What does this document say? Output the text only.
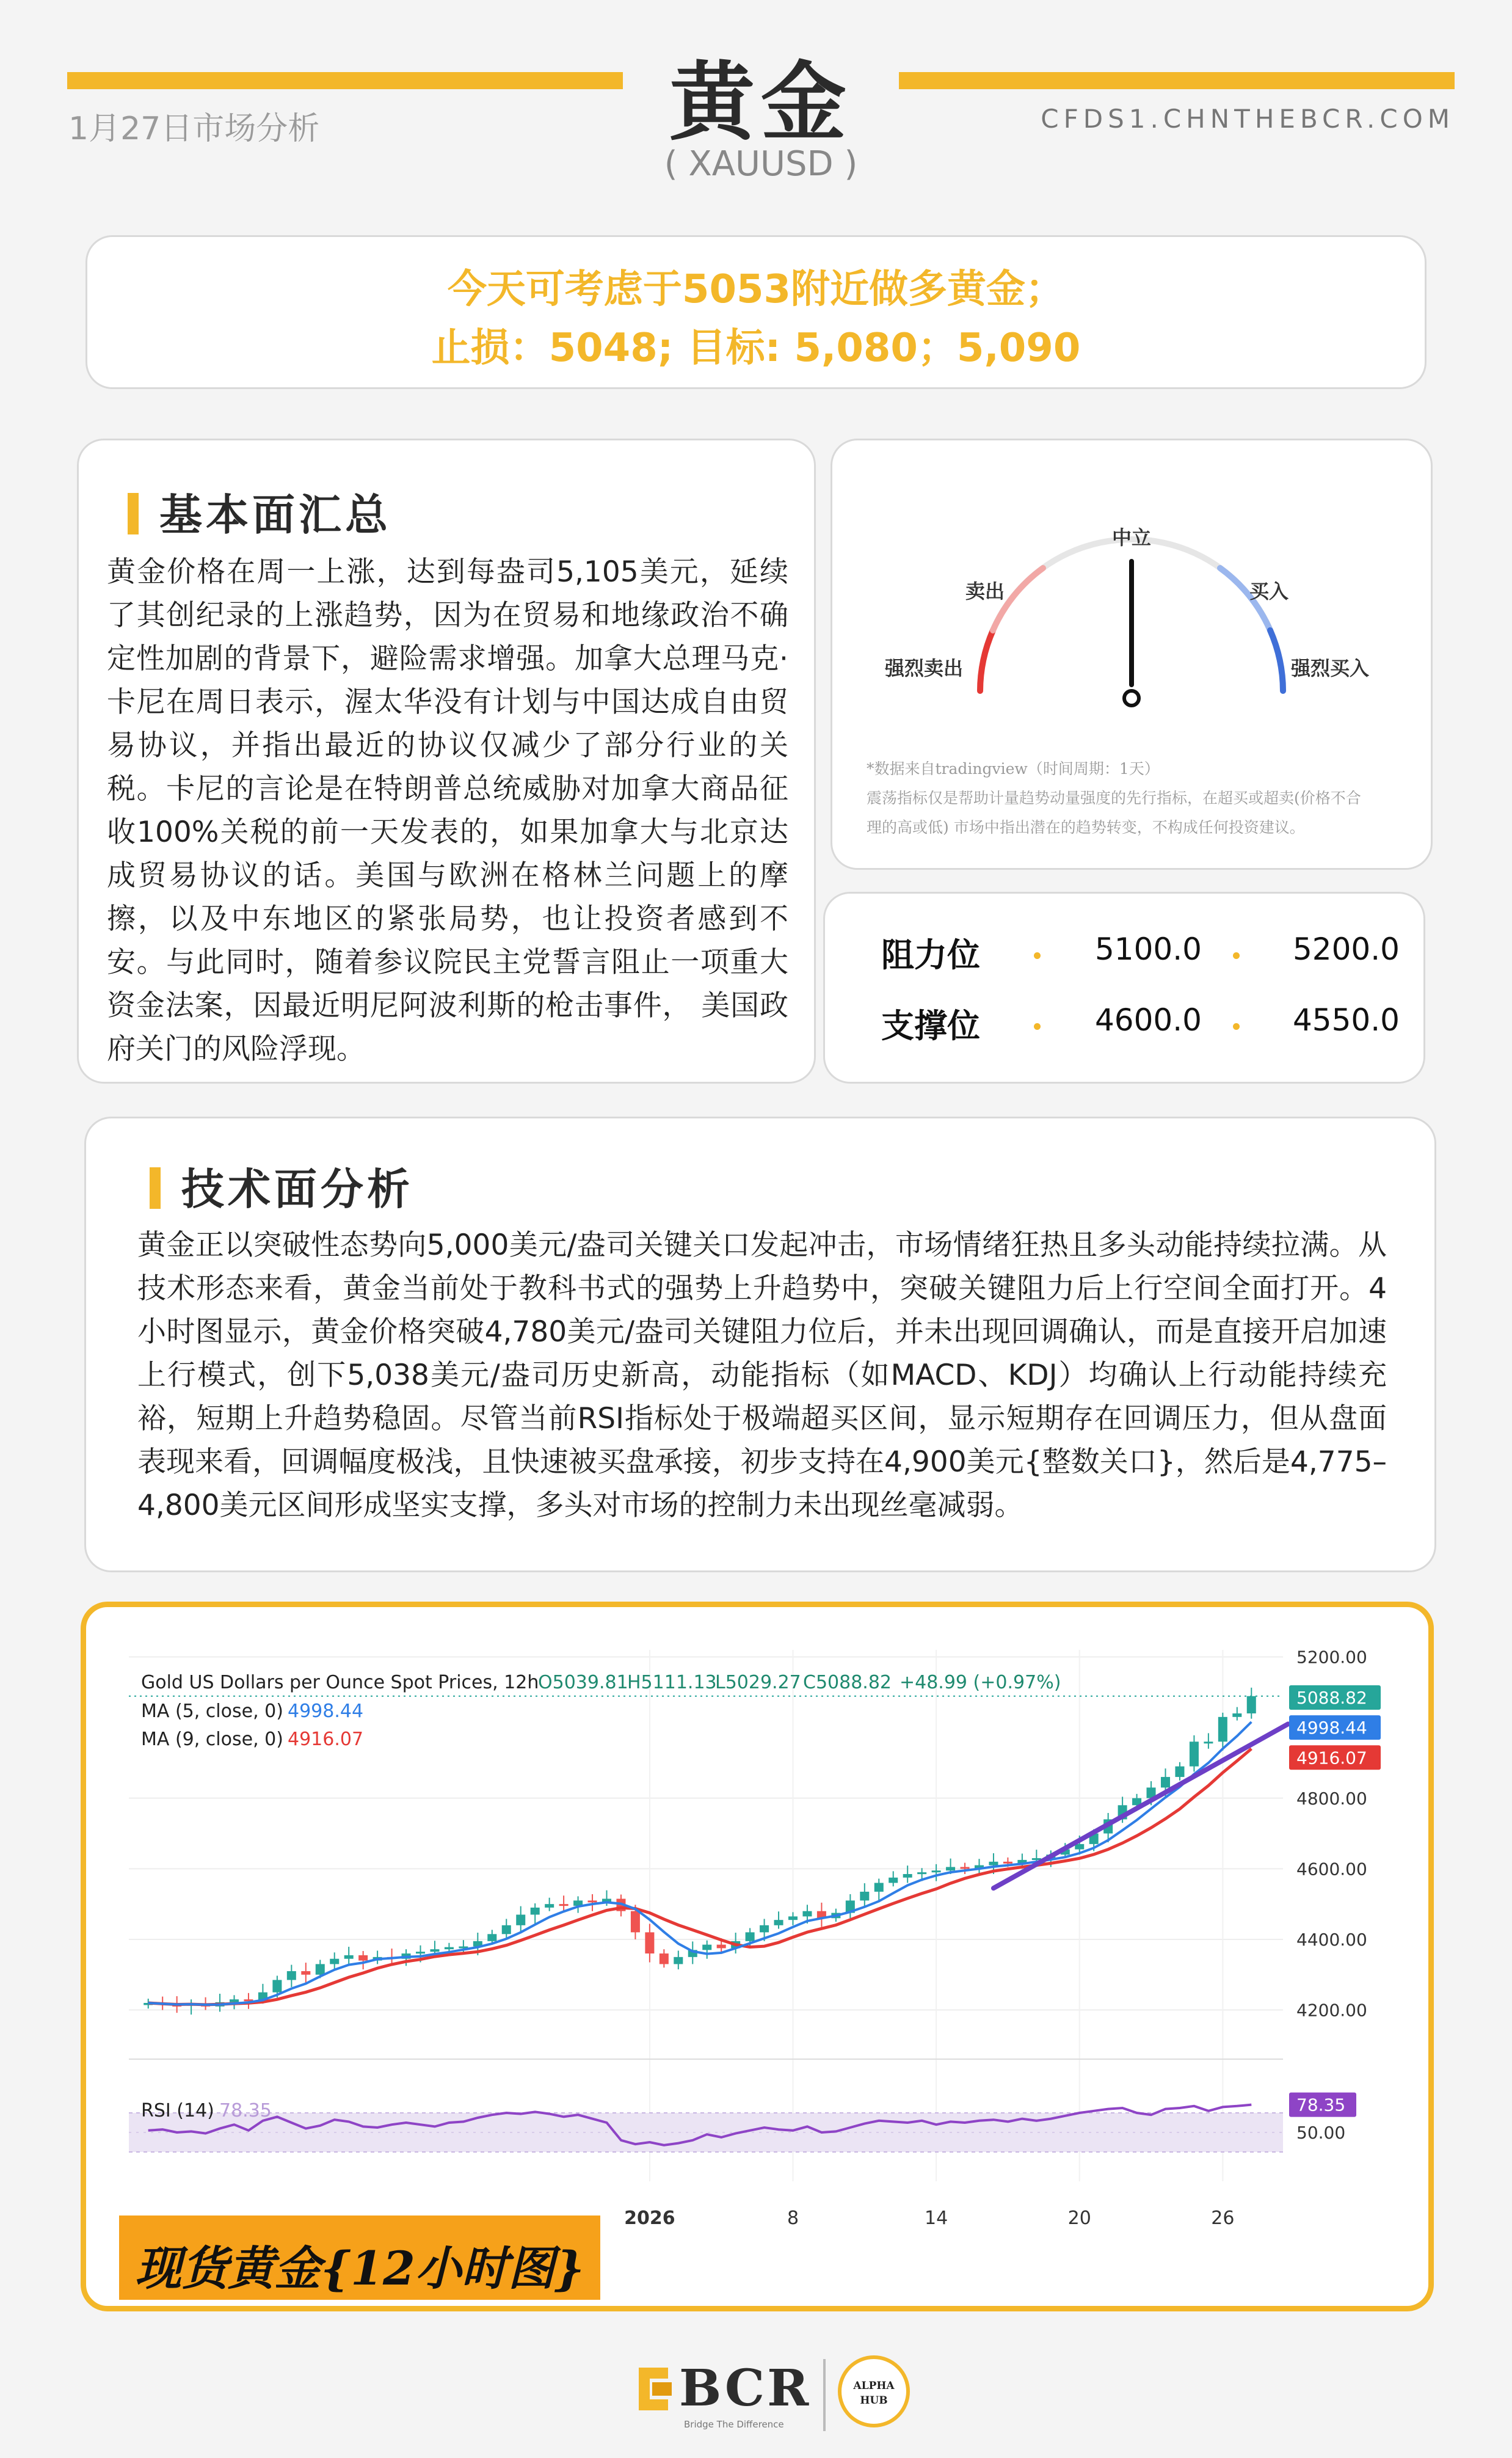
1月27日市场分析	黄金
( XAUUSD )
CFDS1.CHNTHEBCR.COM
今天可考虑于5053附近做多黄金；
止损：5048; 目标: 5,080；5,090
基本面汇总
黄金价格在周一上涨，达到每盎司5,105美元，延续了其创纪录的上涨趋势，因为在贸易和地缘政治不确定性加剧的背景下，避险需求增强。加拿大总理马克·卡尼在周日表示，渥太华没有计划与中国达成自由贸易协议，并指出最近的协议仅减少了部分行业的关税。卡尼的言论是在特朗普总统威胁对加拿大商品征收100%关税的前一天发表的，如果加拿大与北京达成贸易协议的话。美国与欧洲在格林兰问题上的摩擦，以及中东地区的紧张局势，也让投资者感到不安。与此同时，随着参议院民主党誓言阻止一项重大资金法案，因最近明尼阿波利斯的枪击事件， 美国政府关门的风险浮现。
中立
卖出	买入
强烈卖出	强烈买入
*数据来自tradingview（时间周期：1天）
震荡指标仅是帮助计量趋势动量强度的先行指标，在超买或超卖(价格不合
理的高或低) 市场中指出潜在的趋势转变，不构成任何投资建议。
阻力位	5100.0	5200.0
支撑位	4600.0	4550.0
技术面分析
黄金正以突破性态势向5,000美元/盎司关键关口发起冲击，市场情绪狂热且多头动能持续拉满。从技术形态来看，黄金当前处于教科书式的强势上升趋势中，突破关键阻力后上行空间全面打开。4小时图显示，黄金价格突破4,780美元/盎司关键阻力位后，并未出现回调确认，而是直接开启加速上行模式，创下5,038美元/盎司历史新高，动能指标（如MACD、KDJ）均确认上行动能持续充裕，短期上升趋势稳固。尽管当前RSI指标处于极端超买区间，显示短期存在回调压力，但从盘面表现来看，回调幅度极浅，且快速被买盘承接，初步支持在4,900美元{整数关口}，然后是4,775–4,800美元区间形成坚实支撑，多头对市场的控制力未出现丝毫减弱。
5200.00
4800.00
4600.00
4400.00
4200.00
5088.82
4998.44
4916.07
78.35
50.00
2026	8	14	20	26
Gold US Dollars per Ounce Spot Prices, 12h
O5039.81
H5111.13
L5029.27 C5088.82 +48.99 (+0.97%)
MA (5, close, 0) 4998.44
MA (9, close, 0) 4916.07
RSI (14) 78.35
现货黄金{12小时图}
BCR
Bridge The Difference
ALPHA
HUB
